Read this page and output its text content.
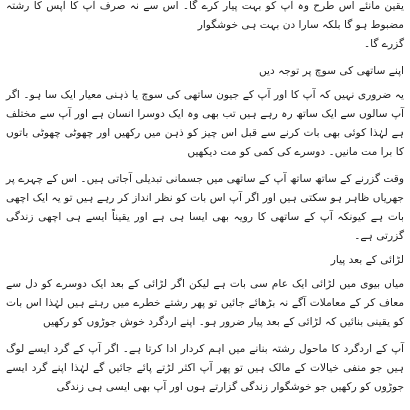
یقین مانئے اس طرح وہ آپ کو بہت پیار کرے گا۔ اس سے نہ صرف آپ کا آپس کا رشتہ مضبوط ہو گا بلکہ سارا دن بہت ہی خوشگوار
گزرے گا۔

اپنے ساتھی کی سوچ پر توجہ دیں

یہ ضروری نہیں کہ آپ کا اور آپ کے جیون ساتھی کی سوچ یا ذہنی معیار ایک سا ہو۔ اگر آپ سالوں سے ایک ساتھ رہ رہے ہیں تب بھی وہ ایک دوسرا انسان ہے اور آپ سے مختلف ہے لہٰذا کوئی بھی بات کرنے سے قبل اس چیز کو ذہن میں رکھیں اور چھوٹی چھوٹی باتوں کا برا مت مانیں۔ دوسرے کی کمی کو مت دیکھیں

وقت گزرنے کے ساتھ ساتھ آپ کے ساتھی میں جسمانی تبدیلی آجاتی ہیں۔ اس کے چہرے پر جھریاں ظاہر ہو سکتی ہیں اور اگر آپ اس بات کو نظر انداز کر رہے ہیں تو یہ ایک اچھی بات ہے کیونکہ آپ کے ساتھی کا رویہ بھی ایسا ہی ہے اور یقیناً ایسے ہی اچھی زندگی گزرتی ہے۔

لڑائی کے بعد پیار

میاں بیوی میں لڑائی ایک عام سی بات ہے لیکن اگر لڑائی کے بعد ایک دوسرے کو دل سے معاف کر کے معاملات آگے نہ بڑھائے جائیں تو پھر رشتے خطرے میں رہتے ہیں لہٰذا اس بات کو یقینی بنائیں کہ لڑائی کے بعد پیار ضرور ہو۔ اپنے اردگرد خوش جوڑوں کو رکھیں

آپ کے اردگرد کا ماحول رشتہ بنانے میں اہم کردار ادا کرتا ہے۔ اگر آپ کے گرد ایسے لوگ ہیں جو منفی خیالات کے مالک ہیں تو پھر آپ اکثر لڑتے پائے جائیں گے لہٰذا اپنے گرد ایسے جوڑوں کو رکھیں جو خوشگوار زندگی گزارتے ہوں اور آپ بھی ایسی ہی زندگی
